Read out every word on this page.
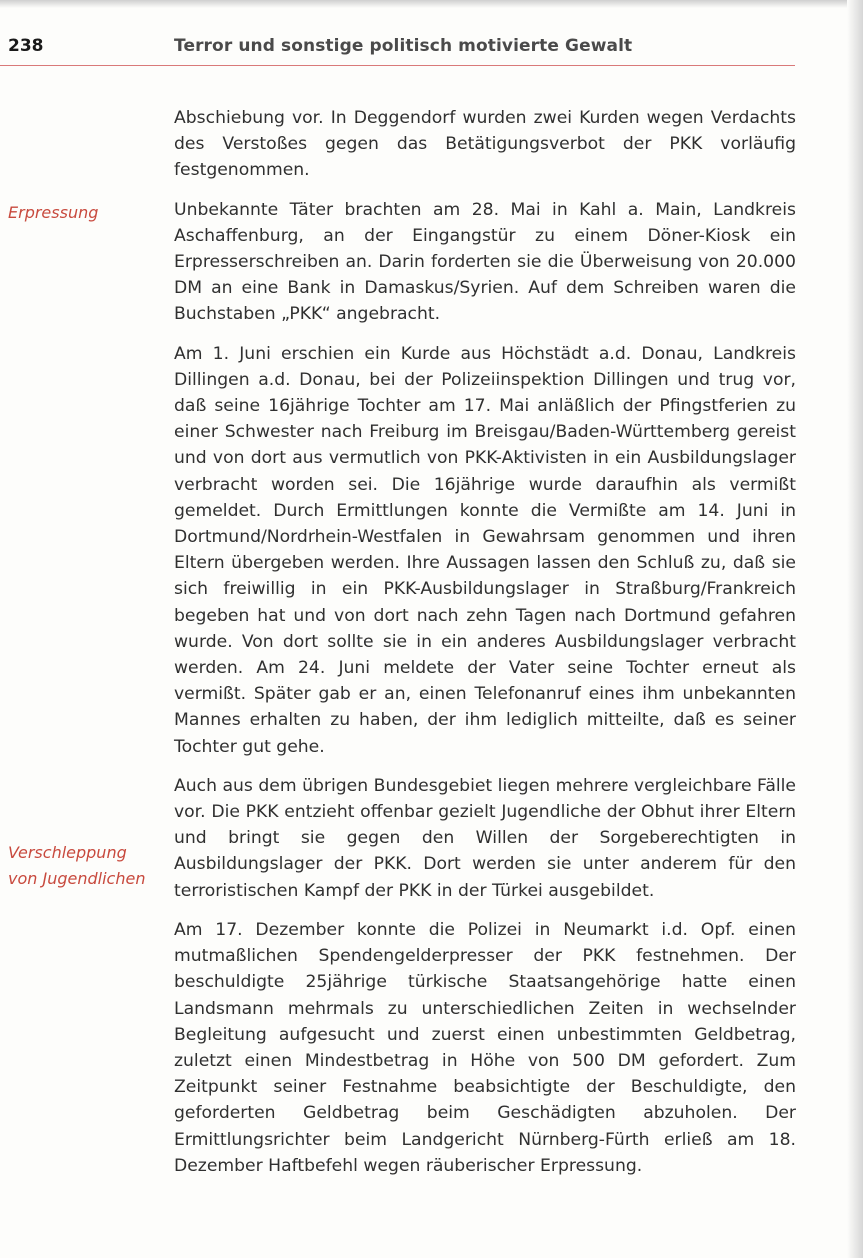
238	Terror und sonstige politisch motivierte Gewalt
Erpressung
Verschleppung
von Jugendlichen

Abschiebung vor. In Deggendorf wurden zwei Kurden wegen Verdachts des Verstoßes gegen das Betätigungsverbot der PKK vorläufig festgenommen.

Unbekannte Täter brachten am 28. Mai in Kahl a. Main, Landkreis Aschaffenburg, an der Eingangstür zu einem Döner-Kiosk ein Erpresserschreiben an. Darin forderten sie die Überweisung von 20.000 DM an eine Bank in Damaskus/Syrien. Auf dem Schreiben waren die Buchstaben „PKK“ angebracht.

Am 1. Juni erschien ein Kurde aus Höchstädt a.d. Donau, Landkreis Dillingen a.d. Donau, bei der Polizeiinspektion Dillingen und trug vor, daß seine 16jährige Tochter am 17. Mai anläßlich der Pfingstferien zu einer Schwester nach Freiburg im Breisgau/Baden-Württemberg gereist und von dort aus vermutlich von PKK-Aktivisten in ein Ausbildungslager verbracht worden sei. Die 16jährige wurde daraufhin als vermißt gemeldet. Durch Ermittlungen konnte die Vermißte am 14. Juni in Dortmund/Nordrhein-Westfalen in Gewahrsam genommen und ihren Eltern übergeben werden. Ihre Aussagen lassen den Schluß zu, daß sie sich freiwillig in ein PKK-Ausbildungslager in Straßburg/Frankreich begeben hat und von dort nach zehn Tagen nach Dortmund gefahren wurde. Von dort sollte sie in ein anderes Ausbildungslager verbracht werden. Am 24. Juni meldete der Vater seine Tochter erneut als vermißt. Später gab er an, einen Telefonanruf eines ihm unbekannten Mannes erhalten zu haben, der ihm lediglich mitteilte, daß es seiner Tochter gut gehe.

Auch aus dem übrigen Bundesgebiet liegen mehrere vergleichbare Fälle vor. Die PKK entzieht offenbar gezielt Jugendliche der Obhut ihrer Eltern und bringt sie gegen den Willen der Sorgeberechtigten in Ausbildungslager der PKK. Dort werden sie unter anderem für den terroristischen Kampf der PKK in der Türkei ausgebildet.

Am 17. Dezember konnte die Polizei in Neumarkt i.d. Opf. einen mutmaßlichen Spendengelderpresser der PKK festnehmen. Der beschuldigte 25jährige türkische Staatsangehörige hatte einen Landsmann mehrmals zu unterschiedlichen Zeiten in wechselnder Begleitung aufgesucht und zuerst einen unbestimmten Geldbetrag, zuletzt einen Mindestbetrag in Höhe von 500 DM gefordert. Zum Zeitpunkt seiner Festnahme beabsichtigte der Beschuldigte, den geforderten Geldbetrag beim Geschädigten abzuholen. Der Ermittlungsrichter beim Landgericht Nürnberg-Fürth erließ am 18. Dezember Haftbefehl wegen räuberischer Erpressung.
